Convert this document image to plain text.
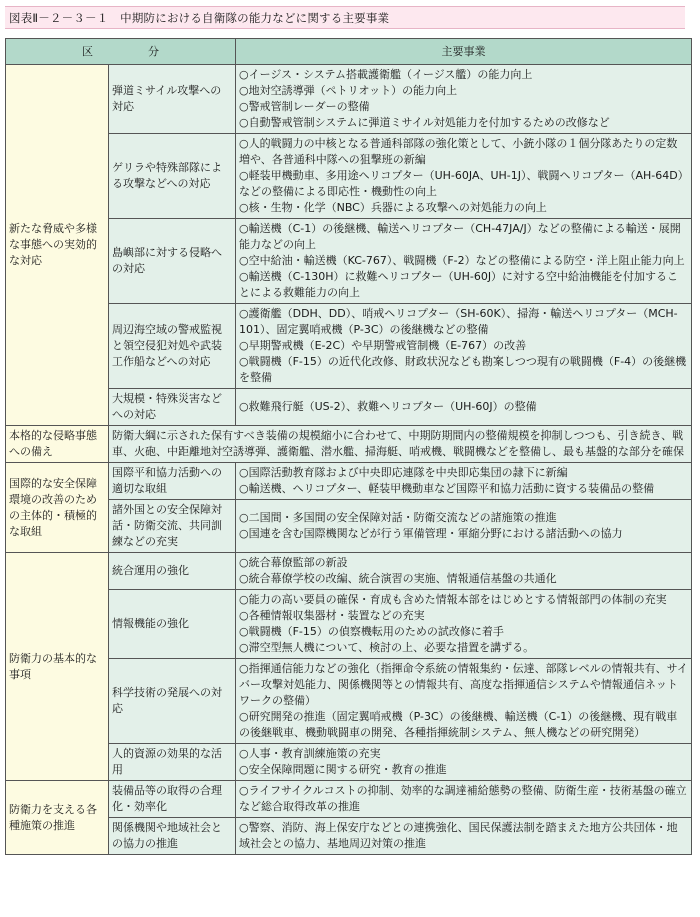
図表Ⅱ－２－３－１　中期防における自衛隊の能力などに関する主要事業
区　分		主要事業
新たな脅威や多様な事態への実効的な対応	弾道ミサイル攻撃への対応	○イージス・システム搭載護衛艦（イージス艦）の能力向上
○地対空誘導弾（ペトリオット）の能力向上
○警戒管制レーダーの整備
○自動警戒管制システムに弾道ミサイル対処能力を付加するための改修など

	ゲリラや特殊部隊による攻撃などへの対応	○人的戦闘力の中核となる普通科部隊の強化策として、小銃小隊の１個分隊あたりの定数増や、各普通科中隊への狙撃班の新編
○軽装甲機動車、多用途ヘリコプター（UH-60JA、UH-1J）、戦闘ヘリコプター（AH-64D）などの整備による即応性・機動性の向上
○核・生物・化学（NBC）兵器による攻撃への対処能力の向上

	島嶼部に対する侵略への対応	○輸送機（C-1）の後継機、輸送ヘリコプター（CH-47JA/J）などの整備による輸送・展開能力などの向上
○空中給油・輸送機（KC-767）、戦闘機（F-2）などの整備による防空・洋上阻止能力向上
○輸送機（C-130H）に救難ヘリコプター（UH-60J）に対する空中給油機能を付加することによる救難能力の向上

	周辺海空域の警戒監視と領空侵犯対処や武装工作船などへの対応	○護衛艦（DDH、DD）、哨戒ヘリコプター（SH-60K）、掃海・輸送ヘリコプター（MCH-101）、固定翼哨戒機（P-3C）の後継機などの整備
○早期警戒機（E-2C）や早期警戒管制機（E-767）の改善
○戦闘機（F-15）の近代化改修、財政状況なども勘案しつつ現有の戦闘機（F-4）の後継機を整備

	大規模・特殊災害などへの対応	○救難飛行艇（US-2）、救難ヘリコプター（UH-60J）の整備

本格的な侵略事態への備え	防衛大綱に示された保有すべき装備の規模縮小に合わせて、中期防期間内の整備規模を抑制しつつも、引き続き、戦車、火砲、中距離地対空誘導弾、護衛艦、潜水艦、掃海艇、哨戒機、戦闘機などを整備し、最も基盤的な部分を確保	
国際的な安全保障環境の改善のための主体的・積極的な取組	国際平和協力活動への適切な取組	○国際活動教育隊および中央即応連隊を中央即応集団の隷下に新編
○輸送機、ヘリコプター、軽装甲機動車など国際平和協力活動に資する装備品の整備

	諸外国との安全保障対話・防衛交流、共同訓練などの充実	○二国間・多国間の安全保障対話・防衛交流などの諸施策の推進
○国連を含む国際機関などが行う軍備管理・軍縮分野における諸活動への協力

防衛力の基本的な事項	統合運用の強化	○統合幕僚監部の新設
○統合幕僚学校の改編、統合演習の実施、情報通信基盤の共通化

	情報機能の強化	○能力の高い要員の確保・育成も含めた情報本部をはじめとする情報部門の体制の充実
○各種情報収集器材・装置などの充実
○戦闘機（F-15）の偵察機転用のための試改修に着手
○滞空型無人機について、検討の上、必要な措置を講ずる。

	科学技術の発展への対応	○指揮通信能力などの強化（指揮命令系統の情報集約・伝達、部隊レベルの情報共有、サイバー攻撃対処能力、関係機関等との情報共有、高度な指揮通信システムや情報通信ネットワークの整備）
○研究開発の推進（固定翼哨戒機（P-3C）の後継機、輸送機（C-1）の後継機、現有戦車の後継戦車、機動戦闘車の開発、各種指揮統制システム、無人機などの研究開発）

	人的資源の効果的な活用	○人事・教育訓練施策の充実
○安全保障問題に関する研究・教育の推進

防衛力を支える各種施策の推進	装備品等の取得の合理化・効率化	○ライフサイクルコストの抑制、効率的な調達補給態勢の整備、防衛生産・技術基盤の確立など総合取得改革の推進

	関係機関や地域社会との協力の推進	○警察、消防、海上保安庁などとの連携強化、国民保護法制を踏まえた地方公共団体・地域社会との協力、基地周辺対策の推進
